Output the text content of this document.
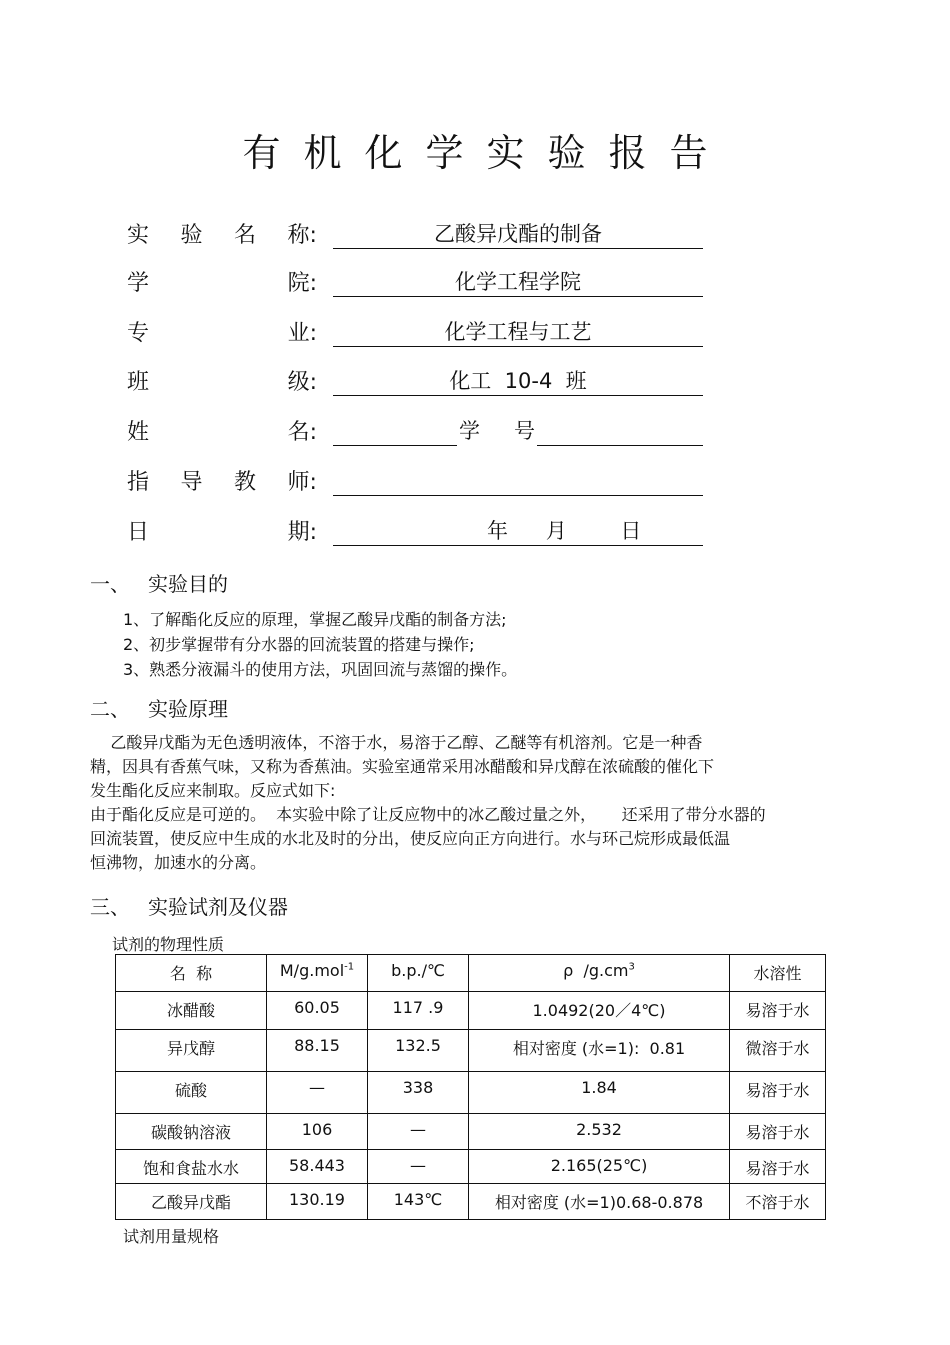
有机化学实验报告
实 验 名 称:	乙酸异戊酯的制备
学	院:	化学工程学院
专	业:	化学工程与工艺
班	级:	化工  10-4  班
姓	名:	学 号
指 导 教 师:
日	期:	年 月	日
一、 实验目的
1、了解酯化反应的原理，掌握乙酸异戊酯的制备方法;
2、初步掌握带有分水器的回流装置的搭建与操作;
3、熟悉分液漏斗的使用方法，巩固回流与蒸馏的操作。
二、 实验原理
乙酸异戊酯为无色透明液体，不溶于水，易溶于乙醇、乙醚等有机溶剂。它是一种香
精，因具有香蕉气味，又称为香蕉油。实验室通常采用冰醋酸和异戊醇在浓硫酸的催化下
发生酯化反应来制取。反应式如下:
由于酯化反应是可逆的。  本实验中除了让反应物中的冰乙酸过量之外，     还采用了带分水器的
回流装置，使反应中生成的水北及时的分出，使反应向正方向进行。水与环己烷形成最低温
恒沸物，加速水的分离。
三、 实验试剂及仪器
试剂的物理性质
名  称	M/g.mol$^{-1}$	b.p./℃	ρ  $/g.cm^3$	水溶性
冰醋酸	60.05	117 .9	1.0492(20／4℃)	易溶于水
异戊醇	88.15	132.5	相对密度 (水=1):  0.81	微溶于水
硫酸	—	338	1.84	易溶于水
碳酸钠溶液	106	—	2.532	易溶于水
饱和食盐水水	58.443	—	2.165(25℃)	易溶于水
乙酸异戊酯	130.19	143℃	相对密度 (水=1)0.68-0.878	不溶于水
试剂用量规格
